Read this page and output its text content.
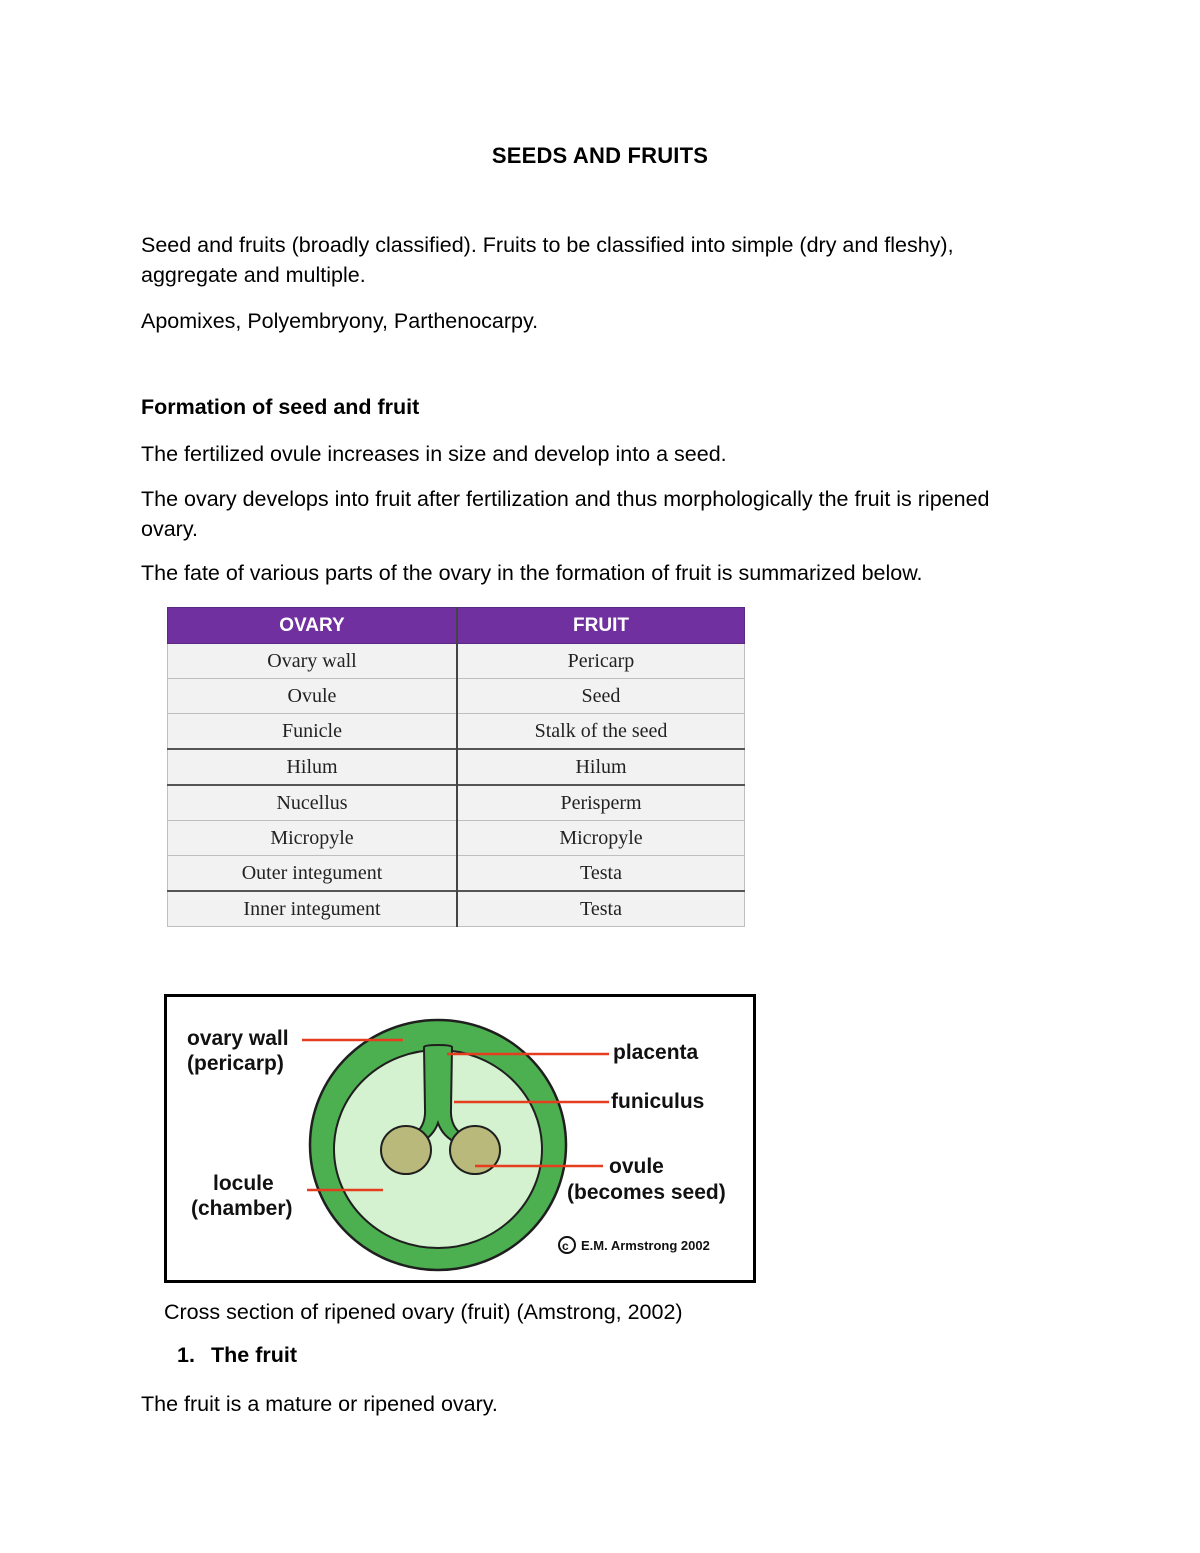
SEEDS AND FRUITS
Seed and fruits (broadly classified). Fruits to be classified into simple (dry and fleshy), aggregate and multiple.
Apomixes, Polyembryony, Parthenocarpy.
Formation of seed and fruit
The fertilized ovule increases in size and develop into a seed.
The ovary develops into fruit after fertilization and thus morphologically the fruit is ripened ovary.
The fate of various parts of the ovary in the formation of fruit is summarized below.
OVARY	FRUIT
Ovary wall	Pericarp
Ovule	Seed
Funicle	Stalk of the seed
Hilum	Hilum
Nucellus	Perisperm
Micropyle	Micropyle
Outer integument	Testa
Inner integument	Testa
ovary wall
(pericarp)	placenta
funiculus
ovule
(becomes seed)
locule
(chamber)
c E.M. Armstrong 2002
Cross section of ripened ovary (fruit) (Amstrong, 2002)
1. The fruit
The fruit is a mature or ripened ovary.
